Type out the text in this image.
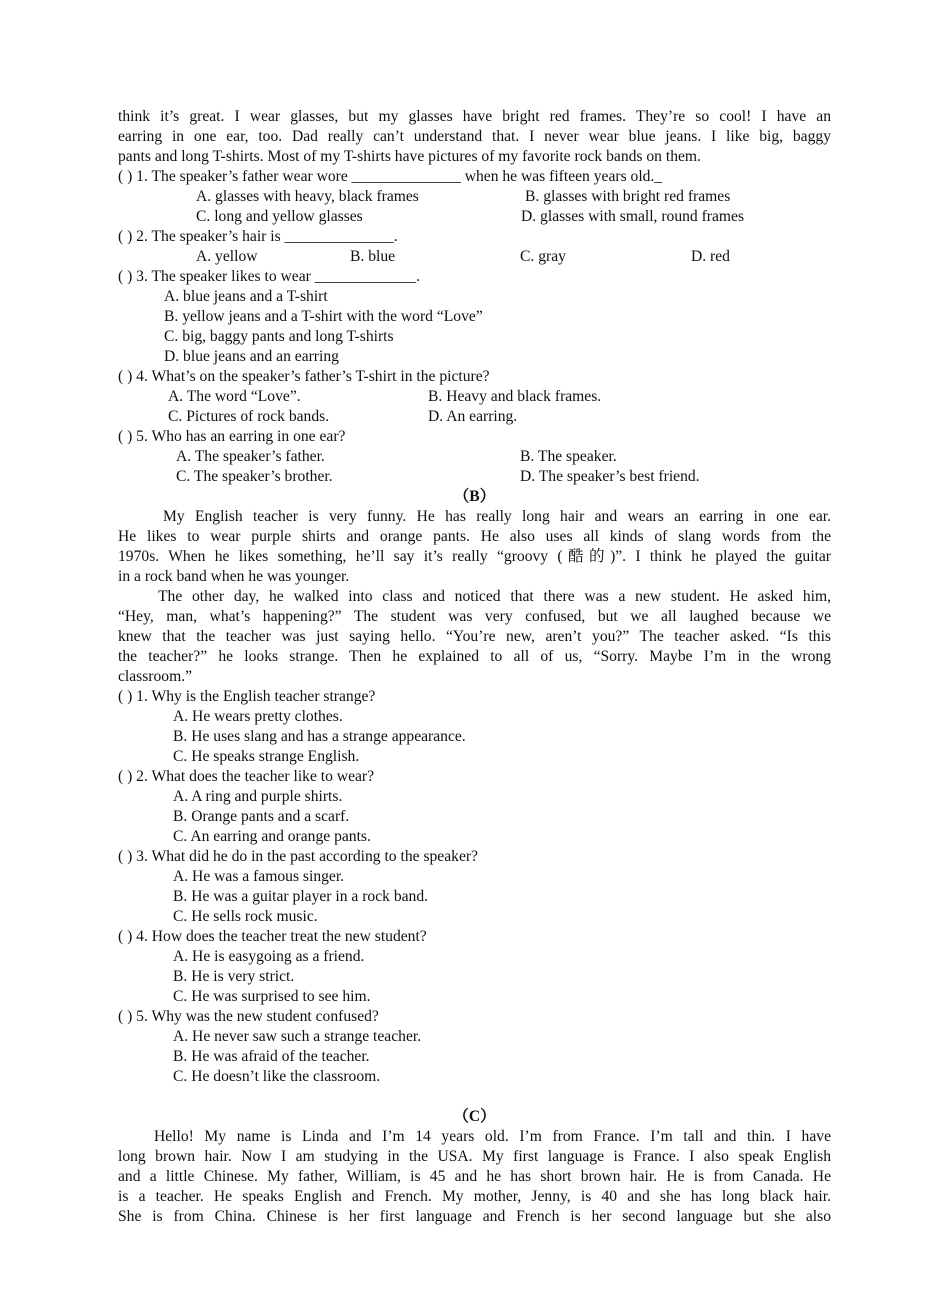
think it’s great. I wear glasses, but my glasses have bright red frames. They’re so cool! I have an
earring in one ear, too. Dad really can’t understand that. I never wear blue jeans. I like big, baggy
pants and long T-shirts. Most of my T-shirts have pictures of my favorite rock bands on them.
( ) 1. The speaker’s father wear wore ______________ when he was fifteen years old._
A. glasses with heavy, black frames	B. glasses with bright red frames
C. long and yellow glasses	D. glasses with small, round frames
( ) 2. The speaker’s hair is ______________.
A. yellow	B. blue	C. gray	D. red
( ) 3. The speaker likes to wear _____________.
A. blue jeans and a T-shirt
B. yellow jeans and a T-shirt with the word “Love”
C. big, baggy pants and long T-shirts
D. blue jeans and an earring
( ) 4. What’s on the speaker’s father’s T-shirt in the picture?
A. The word “Love”.	B. Heavy and black frames.
C. Pictures of rock bands.	D. An earring.
( ) 5. Who has an earring in one ear?
A. The speaker’s father.	B. The speaker.
C. The speaker’s brother.	D. The speaker’s best friend.
（B）
My English teacher is very funny. He has really long hair and wears an earring in one ear.
He likes to wear purple shirts and orange pants. He also uses all kinds of slang words from the
1970s. When he likes something, he’ll say it’s really “groovy (酷的)”. I think he played the guitar
in a rock band when he was younger.
The other day, he walked into class and noticed that there was a new student. He asked him,
“Hey, man, what’s happening?” The student was very confused, but we all laughed because we
knew that the teacher was just saying hello. “You’re new, aren’t you?” The teacher asked. “Is this
the teacher?” he looks strange. Then he explained to all of us, “Sorry. Maybe I’m in the wrong
classroom.”
( ) 1. Why is the English teacher strange?
A. He wears pretty clothes.
B. He uses slang and has a strange appearance.
C. He speaks strange English.
( ) 2. What does the teacher like to wear?
A. A ring and purple shirts.
B. Orange pants and a scarf.
C. An earring and orange pants.
( ) 3. What did he do in the past according to the speaker?
A. He was a famous singer.
B. He was a guitar player in a rock band.
C. He sells rock music.
( ) 4. How does the teacher treat the new student?
A. He is easygoing as a friend.
B. He is very strict.
C. He was surprised to see him.
( ) 5. Why was the new student confused?
A. He never saw such a strange teacher.
B. He was afraid of the teacher.
C. He doesn’t like the classroom.
（C）
Hello! My name is Linda and I’m 14 years old. I’m from France. I’m tall and thin. I have
long brown hair. Now I am studying in the USA. My first language is France. I also speak English
and a little Chinese. My father, William, is 45 and he has short brown hair. He is from Canada. He
is a teacher. He speaks English and French. My mother, Jenny, is 40 and she has long black hair.
She is from China. Chinese is her first language and French is her second language but she also
